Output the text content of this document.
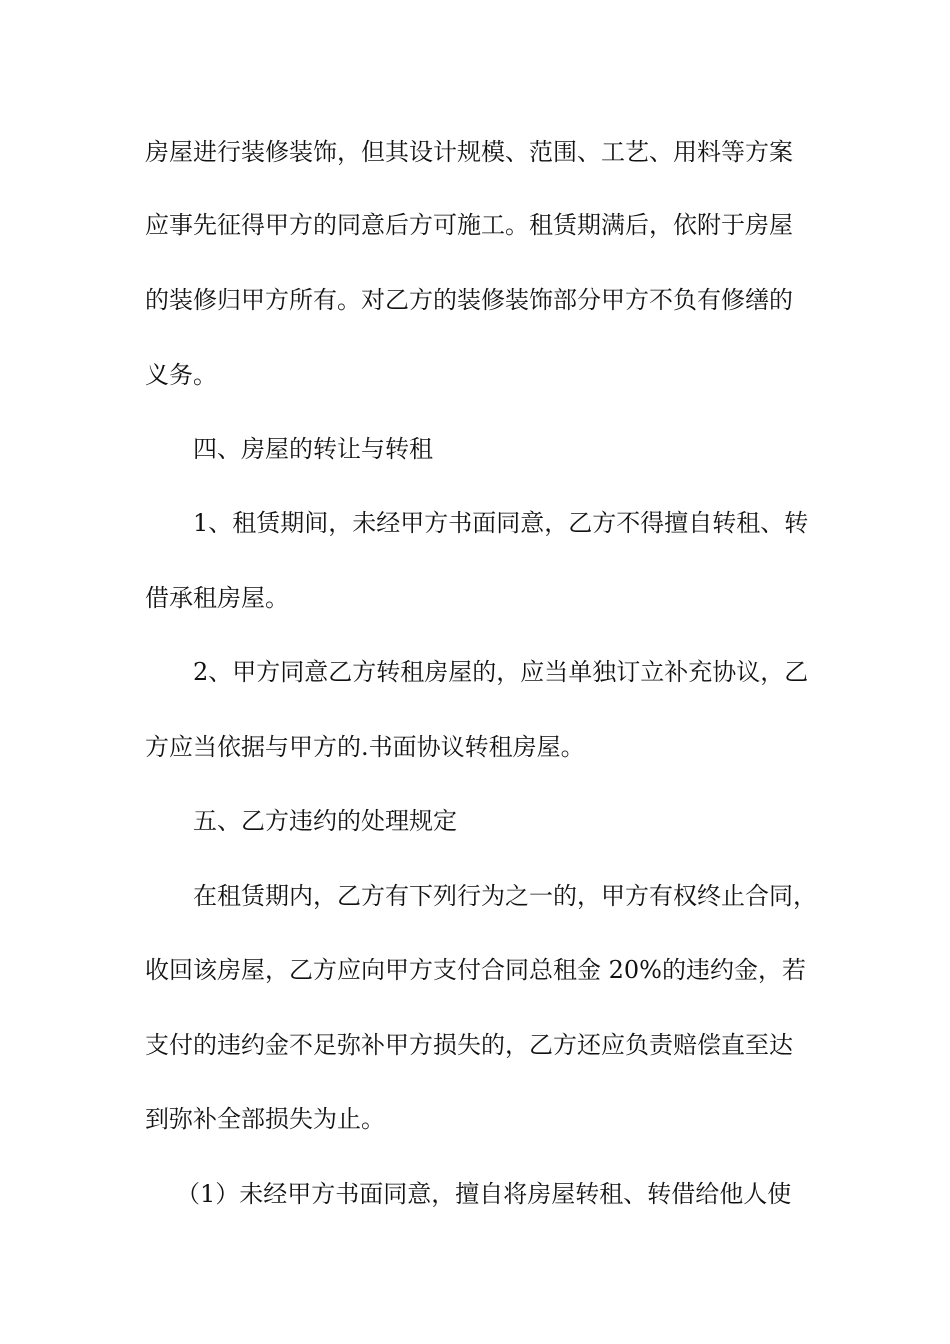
房屋进行装修装饰，但其设计规模、范围、工艺、用料等方案
应事先征得甲方的同意后方可施工。租赁期满后，依附于房屋
的装修归甲方所有。对乙方的装修装饰部分甲方不负有修缮的
义务。
四、房屋的转让与转租
1、租赁期间，未经甲方书面同意，乙方不得擅自转租、转
借承租房屋。
2、甲方同意乙方转租房屋的，应当单独订立补充协议，乙
方应当依据与甲方的.书面协议转租房屋。
五、乙方违约的处理规定
在租赁期内，乙方有下列行为之一的，甲方有权终止合同，
收回该房屋，乙方应向甲方支付合同总租金 20%的违约金，若
支付的违约金不足弥补甲方损失的，乙方还应负责赔偿直至达
到弥补全部损失为止。
（1）未经甲方书面同意，擅自将房屋转租、转借给他人使
